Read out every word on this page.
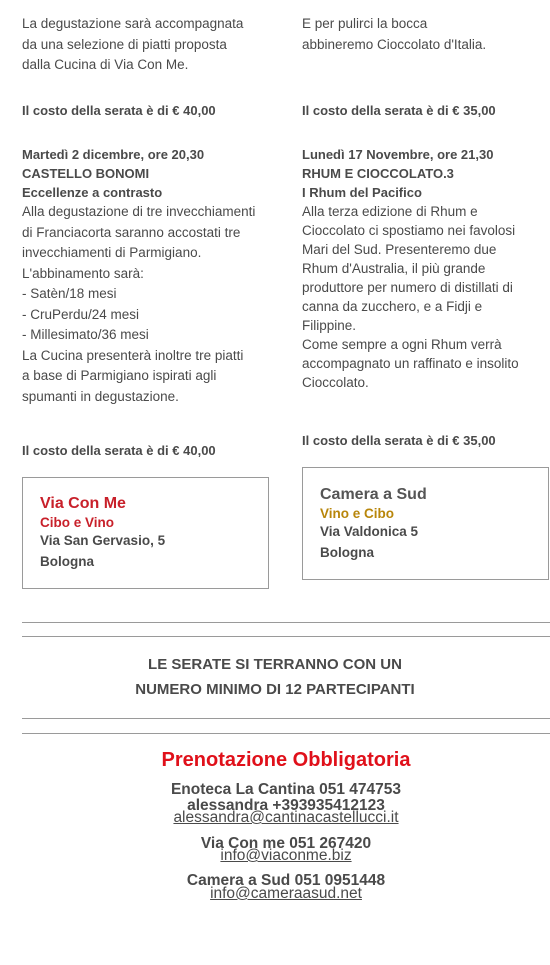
La degustazione sarà accompagnata

da una selezione di piatti proposta

dalla Cucina di Via Con Me.

Il costo della serata è di € 40,00

Martedì 2 dicembre, ore 20,30

CASTELLO BONOMI

Eccellenze a contrasto

Alla degustazione di tre invecchiamenti

di Franciacorta saranno accostati tre

invecchiamenti di Parmigiano.

L'abbinamento sarà:

- Satèn/18 mesi

- CruPerdu/24 mesi

- Millesimato/36 mesi

La Cucina presenterà inoltre tre piatti

a base di Parmigiano ispirati agli

spumanti in degustazione.

Il costo della serata è di € 40,00

Via Con Me

Cibo e Vino

Via San Gervasio, 5

Bologna

E per pulirci la bocca

abbineremo Cioccolato d'Italia.

Il costo della serata è di € 35,00

Lunedì 17 Novembre, ore 21,30

RHUM E CIOCCOLATO.3

I Rhum del Pacifico

Alla terza edizione di Rhum e

Cioccolato ci spostiamo nei favolosi

Mari del Sud. Presenteremo due

Rhum d'Australia, il più grande

produttore per numero di distillati di

canna da zucchero, e a Fidji e

Filippine.

Come sempre a ogni Rhum verrà

accompagnato un raffinato e insolito

Cioccolato.

Il costo della serata è di € 35,00

Camera a Sud

Vino e Cibo

Via Valdonica 5

Bologna

LE SERATE SI TERRANNO CON UN
NUMERO MINIMO DI 12 PARTECIPANTI

Prenotazione Obbligatoria

Enoteca La Cantina 051 474753

alessandra +393935412123

alessandra@cantinacastellucci.it

Via Con me 051 267420

info@viaconme.biz

Camera a Sud 051 0951448

info@cameraasud.net
